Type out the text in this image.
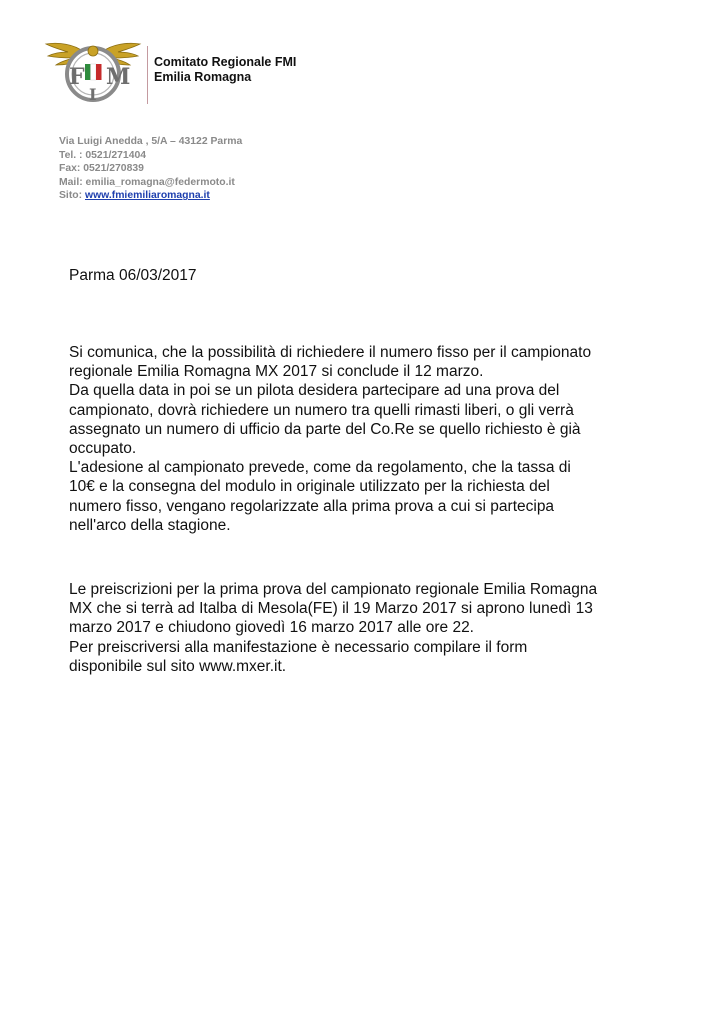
F M
I
Comitato Regionale FMI
Emilia Romagna
Via Luigi Anedda , 5/A – 43122 Parma
Tel. : 0521/271404
Fax: 0521/270839
Mail: emilia_romagna@federmoto.it
Sito: www.fmiemiliaromagna.it
Parma 06/03/2017
Si comunica, che la possibilità di richiedere il numero fisso per il campionato
regionale Emilia Romagna MX 2017 si conclude il 12 marzo.
Da quella data in poi se un pilota desidera partecipare ad una prova del
campionato, dovrà richiedere un numero tra quelli rimasti liberi, o gli verrà
assegnato un numero di ufficio da parte del Co.Re se quello richiesto è già
occupato.
L'adesione al campionato prevede, come da regolamento, che la tassa di
10€ e la consegna del modulo in originale utilizzato per la richiesta del
numero fisso, vengano regolarizzate alla prima prova a cui si partecipa
nell'arco della stagione.
Le preiscrizioni per la prima prova del campionato regionale Emilia Romagna
MX che si terrà ad Italba di Mesola(FE) il 19 Marzo 2017 si aprono lunedì 13
marzo 2017 e chiudono giovedì 16 marzo 2017 alle ore 22.
Per preiscriversi alla manifestazione è necessario compilare il form
disponibile sul sito www.mxer.it.
